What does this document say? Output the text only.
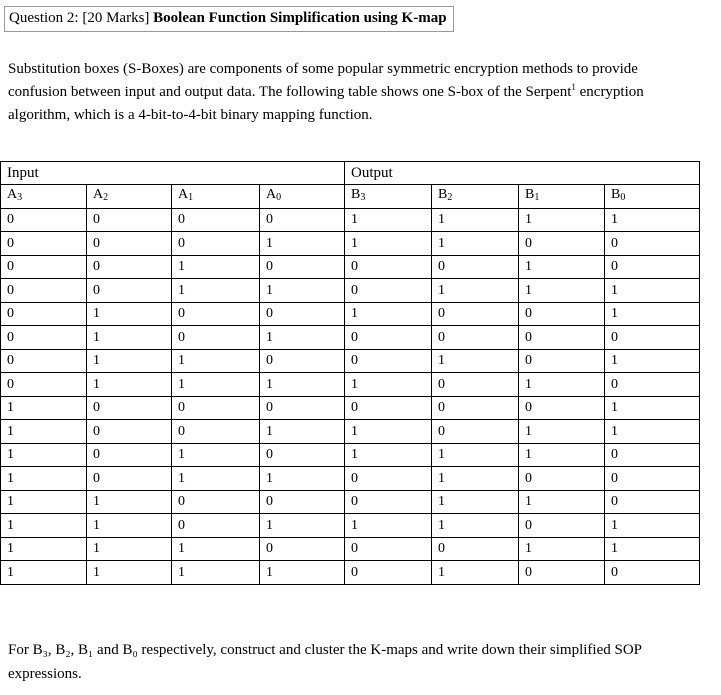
Question 2: [20 Marks] Boolean Function Simplification using K-map

Substitution boxes (S-Boxes) are components of some popular symmetric encryption methods to provide confusion between input and output data. The following table shows one S-box of the Serpent$^1$ encryption algorithm, which is a 4-bit-to-4-bit binary mapping function.

Input				Output			
$A_3$	$A_2$	$A_1$	$A_0$	$B_3$	$B_2$	$B_1$	$B_0$
0	0	0	0	1	1	1	1
0	0	0	1	1	1	0	0
0	0	1	0	0	0	1	0
0	0	1	1	0	1	1	1
0	1	0	0	1	0	0	1
0	1	0	1	0	0	0	0
0	1	1	0	0	1	0	1
0	1	1	1	1	0	1	0
1	0	0	0	0	0	0	1
1	0	0	1	1	0	1	1
1	0	1	0	1	1	1	0
1	0	1	1	0	1	0	0
1	1	0	0	0	1	1	0
1	1	0	1	1	1	0	1
1	1	1	0	0	0	1	1
1	1	1	1	0	1	0	0

For B₃, B₂, B₁ and B₀ respectively, construct and cluster the K-maps and write down their simplified SOP expressions.
